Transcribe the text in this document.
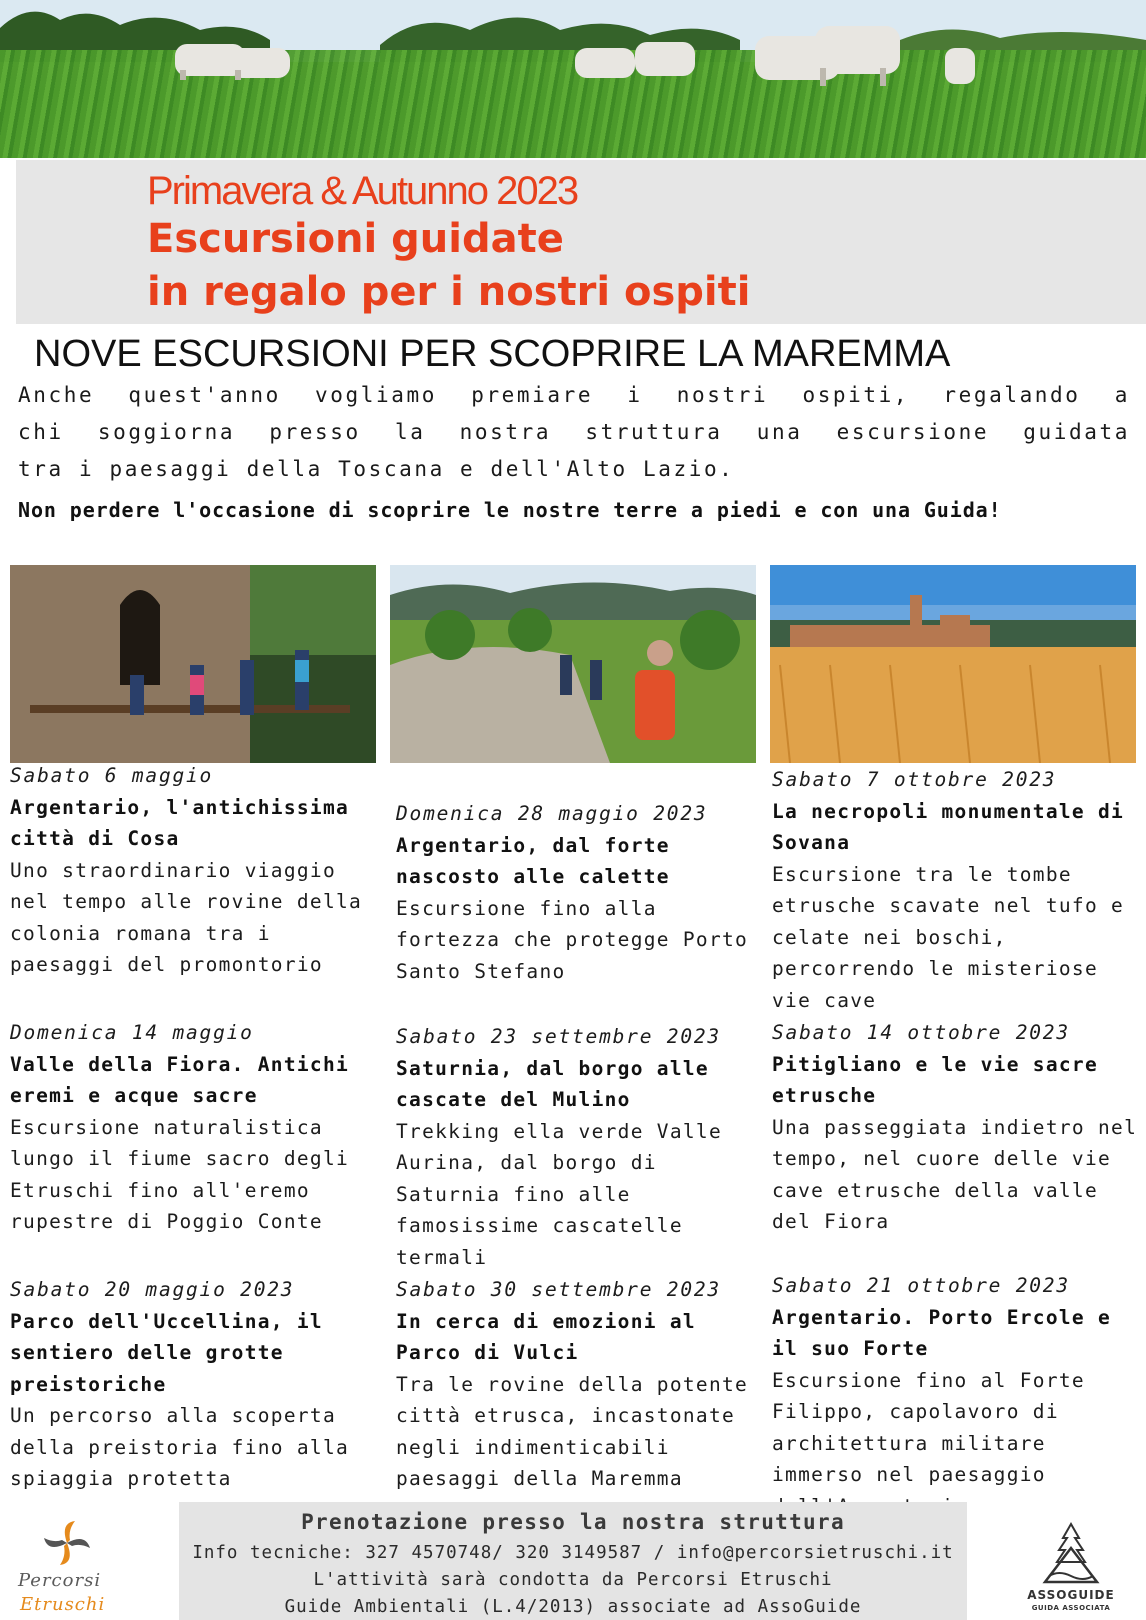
Primavera & Autunno 2023
Escursioni guidate
in regalo per i nostri ospiti
NOVE ESCURSIONI PER SCOPRIRE LA MAREMMA
Anche quest'anno vogliamo premiare i nostri ospiti, regalando a
chi soggiorna presso la nostra struttura una escursione guidata
tra i paesaggi della Toscana e dell'Alto Lazio.
Non perdere l'occasione di scoprire le nostre terre a piedi e con una Guida!
Sabato 6 maggio
Argentario, l'antichissima città di Cosa
Uno straordinario viaggio nel tempo alle rovine della colonia romana tra i paesaggi del promontorio
Domenica 14 maggio
Valle della Fiora. Antichi eremi e acque sacre
Escursione naturalistica lungo il fiume sacro degli Etruschi fino all'eremo rupestre di Poggio Conte
Sabato 20 maggio 2023
Parco dell'Uccellina, il sentiero delle grotte preistoriche
Un percorso alla scoperta della preistoria fino alla spiaggia protetta
Domenica 28 maggio 2023
Argentario, dal forte nascosto alle calette
Escursione fino alla fortezza che protegge Porto Santo Stefano
Sabato 23 settembre 2023
Saturnia, dal borgo alle cascate del Mulino
Trekking ella verde Valle Aurina, dal borgo di Saturnia fino alle famosissime cascatelle termali
Sabato 30 settembre 2023
In cerca di emozioni al Parco di Vulci
Tra le rovine della potente città etrusca, incastonate negli indimenticabili paesaggi della Maremma
Sabato 7 ottobre 2023
La necropoli monumentale di Sovana
Escursione tra le tombe etrusche scavate nel tufo e celate nei boschi, percorrendo le misteriose vie cave
Sabato 14 ottobre 2023
Pitigliano e le vie sacre etrusche
Una passeggiata indietro nel tempo, nel cuore delle vie cave etrusche della valle del Fiora
Sabato 21 ottobre 2023
Argentario. Porto Ercole e il suo Forte
Escursione fino al Forte Filippo, capolavoro di architettura militare immerso nel paesaggio
Prenotazione presso la nostra struttura
Info tecniche: 327 4570748/ 320 3149587 / info@percorsietruschi.it
L'attività sarà condotta da Percorsi Etruschi
Guide Ambientali (L.4/2013) associate ad AssoGuide
Percorsi
Etruschi	ASSOGUIDE
GUIDA ASSOCIATA
